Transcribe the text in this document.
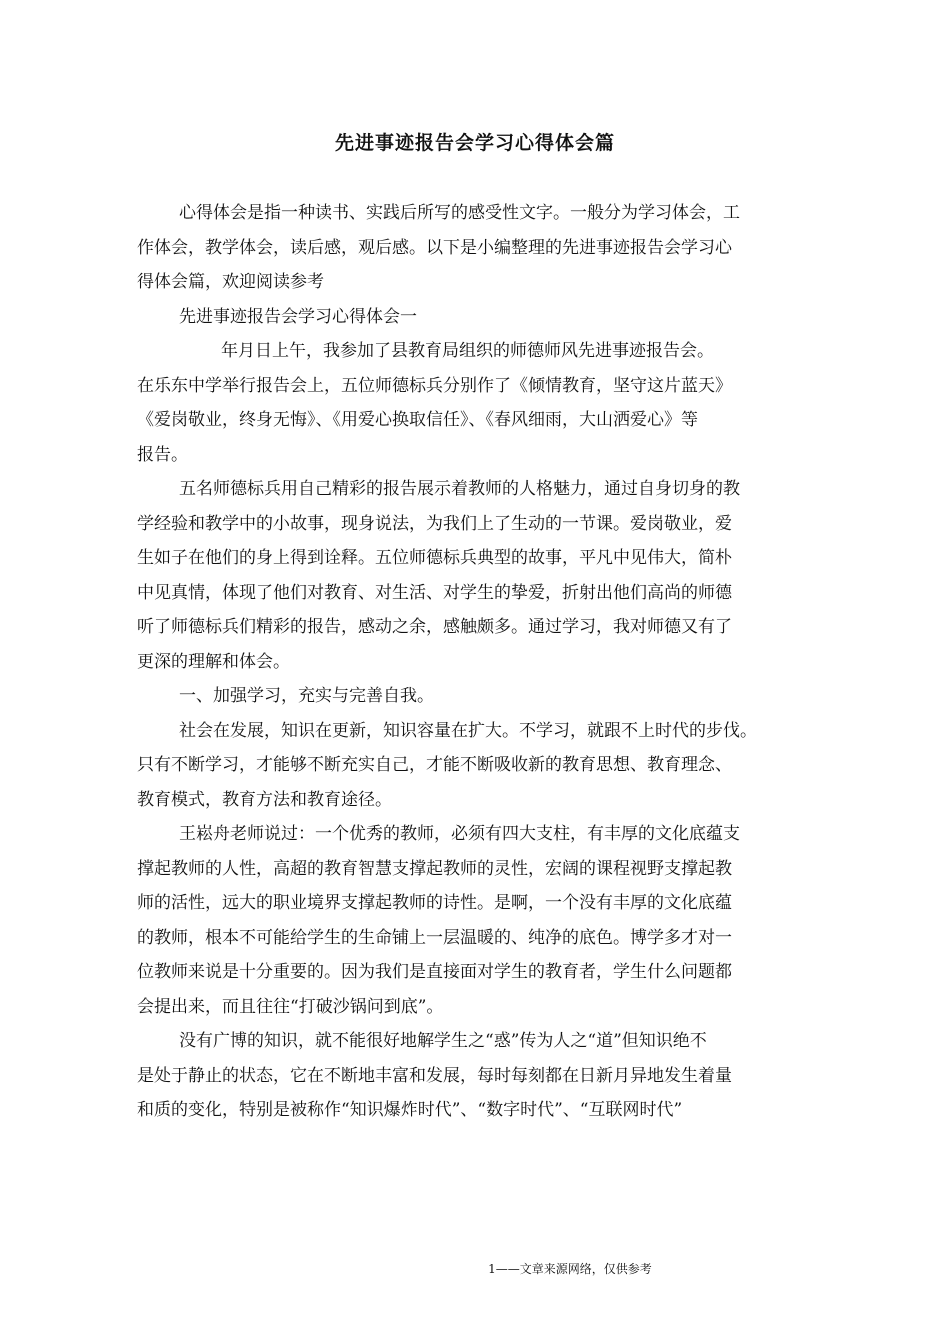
先进事迹报告会学习心得体会篇
心得体会是指一种读书、实践后所写的感受性文字。一般分为学习体会，工
作体会，教学体会，读后感，观后感。以下是小编整理的先进事迹报告会学习心
得体会篇，欢迎阅读参考
先进事迹报告会学习心得体会一
年月日上午，我参加了县教育局组织的师德师风先进事迹报告会。
在乐东中学举行报告会上，五位师德标兵分别作了《倾情教育，坚守这片蓝天》
《爱岗敬业，终身无悔》、《用爱心换取信任》、《春风细雨，大山洒爱心》等
报告。
五名师德标兵用自己精彩的报告展示着教师的人格魅力，通过自身切身的教
学经验和教学中的小故事，现身说法，为我们上了生动的一节课。爱岗敬业，爱
生如子在他们的身上得到诠释。五位师德标兵典型的故事，平凡中见伟大，简朴
中见真情，体现了他们对教育、对生活、对学生的挚爱，折射出他们高尚的师德
听了师德标兵们精彩的报告，感动之余，感触颇多。通过学习，我对师德又有了
更深的理解和体会。
一、加强学习，充实与完善自我。
社会在发展，知识在更新，知识容量在扩大。不学习，就跟不上时代的步伐。
只有不断学习，才能够不断充实自己，才能不断吸收新的教育思想、教育理念、
教育模式，教育方法和教育途径。
王崧舟老师说过：一个优秀的教师，必须有四大支柱，有丰厚的文化底蕴支
撑起教师的人性，高超的教育智慧支撑起教师的灵性，宏阔的课程视野支撑起教
师的活性，远大的职业境界支撑起教师的诗性。是啊，一个没有丰厚的文化底蕴
的教师，根本不可能给学生的生命铺上一层温暖的、纯净的底色。博学多才对一
位教师来说是十分重要的。因为我们是直接面对学生的教育者，学生什么问题都
会提出来，而且往往“打破沙锅问到底”。
没有广博的知识，就不能很好地解学生之“惑”传为人之“道”但知识绝不
是处于静止的状态，它在不断地丰富和发展，每时每刻都在日新月异地发生着量
和质的变化，特别是被称作“知识爆炸时代”、“数字时代”、“互联网时代”
1——文章来源网络，仅供参考
